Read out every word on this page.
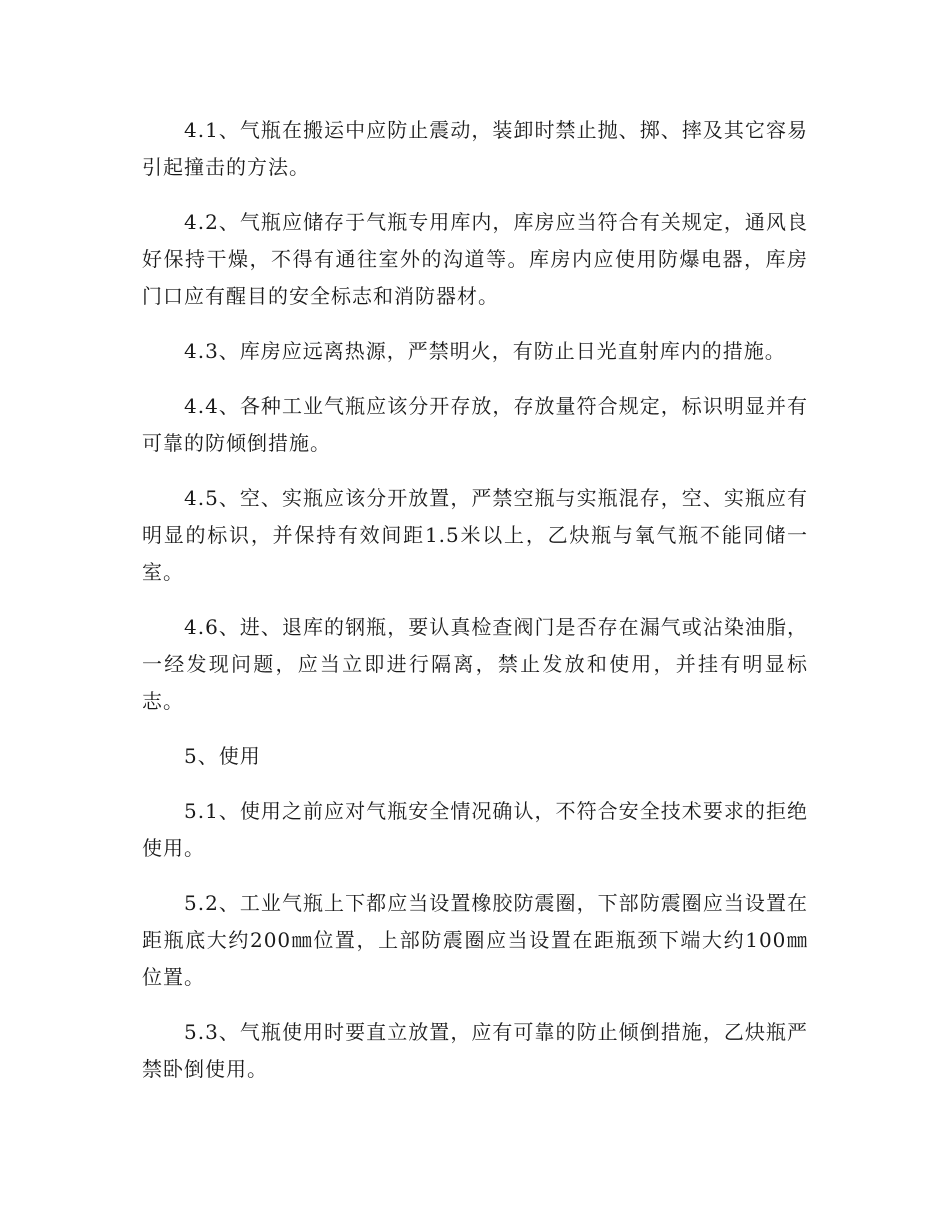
4.1、气瓶在搬运中应防止震动，装卸时禁止抛、掷、摔及其它容易引起撞击的方法。

4.2、气瓶应储存于气瓶专用库内，库房应当符合有关规定，通风良好保持干燥，不得有通往室外的沟道等。库房内应使用防爆电器，库房门口应有醒目的安全标志和消防器材。

4.3、库房应远离热源，严禁明火，有防止日光直射库内的措施。

4.4、各种工业气瓶应该分开存放，存放量符合规定，标识明显并有可靠的防倾倒措施。

4.5、空、实瓶应该分开放置，严禁空瓶与实瓶混存，空、实瓶应有明显的标识，并保持有效间距1.5米以上，乙炔瓶与氧气瓶不能同储一室。

4.6、进、退库的钢瓶，要认真检查阀门是否存在漏气或沾染油脂，一经发现问题，应当立即进行隔离，禁止发放和使用，并挂有明显标志。

5、使用

5.1、使用之前应对气瓶安全情况确认，不符合安全技术要求的拒绝使用。

5.2、工业气瓶上下都应当设置橡胶防震圈，下部防震圈应当设置在距瓶底大约200㎜位置，上部防震圈应当设置在距瓶颈下端大约100㎜位置。

5.3、气瓶使用时要直立放置，应有可靠的防止倾倒措施，乙炔瓶严禁卧倒使用。
